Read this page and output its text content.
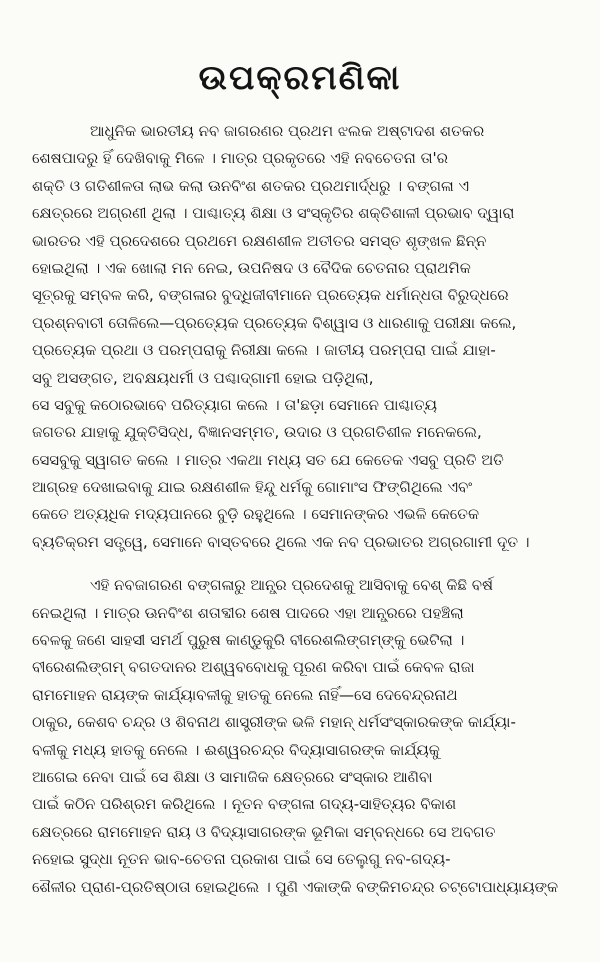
ଉପକ୍ରମଣିକା
ଆଧୁନିକ ଭାରତୀୟ ନବ ଜାଗରଣର ପ୍ରଥମ ଝଲକ ଅଷ୍ଟାଦଶ ଶତକର
ଶେଷପାଦରୁ ହିଁ ଦେଖିବାକୁ ମିଳେ । ମାତ୍ର ପ୍ରକୃତରେ ଏହି ନବଚେତନା ତା'ର
ଶକ୍ତି ଓ ଗତିଶୀଳତା ଲାଭ କଲା ଊନବିଂଶ ଶତକର ପ୍ରଥମାର୍ଦ୍ଧରୁ । ବଙ୍ଗଳା ଏ
କ୍ଷେତ୍ରରେ ଅଗ୍ରଣୀ ଥିଲା । ପାଶ୍ଚାତ୍ୟ ଶିକ୍ଷା ଓ ସଂସ୍କୃତିର ଶକ୍ତିଶାଳୀ ପ୍ରଭାବ ଦ୍ୱାରା
ଭାରତର ଏହି ପ୍ରଦେଶରେ ପ୍ରଥମେ ରକ୍ଷଣଶୀଳ ଅତୀତର ସମସ୍ତ ଶୃଙ୍ଖଳ ଛିନ୍ନ
ହୋଇଥିଲା । ଏକ ଖୋଲା ମନ ନେଇ, ଉପନିଷଦ ଓ ବୈଦିକ ଚେତନାର ପ୍ରାଥମିକ
ସୂତ୍ରକୁ ସମ୍ବଳ କରି, ବଙ୍ଗଳାର ବୁଦ୍ଧିଜୀବୀମାନେ ପ୍ରତ୍ୟେକ ଧର୍ମାନ୍ଧତା ବିରୁଦ୍ଧରେ
ପ୍ରଶ୍ନବାଚୀ ତୋଳିଲେ—ପ୍ରତ୍ୟେକ ପ୍ରତ୍ୟେକ ବିଶ୍ୱାସ ଓ ଧାରଣାକୁ ପରୀକ୍ଷା କଲେ,
ପ୍ରତ୍ୟେକ ପ୍ରଥା ଓ ପରମ୍ପରାକୁ ନିରୀକ୍ଷା କଲେ । ଜାତୀୟ ପରମ୍ପରା ପାଇଁ ଯାହା-
ସବୁ ଅସଙ୍ଗତ, ଅବକ୍ଷୟଧର୍ମୀ ଓ ପଶ୍ଚାଦ୍‌ଗାମୀ ହୋଇ ପଡ଼ିଥିଲା,
ସେ ସବୁକୁ କଠୋରଭାବେ ପରିତ୍ୟାଗ କଲେ । ତା'ଛଡ଼ା ସେମାନେ ପାଶ୍ଚାତ୍ୟ
ଜଗତର ଯାହାକୁ ଯୁକ୍ତିସିଦ୍ଧ, ବିଜ୍ଞାନସମ୍ମତ, ଉଦାର ଓ ପ୍ରଗତିଶୀଳ ମନେକଲେ,
ସେସବୁକୁ ସ୍ୱାଗତ କଲେ । ମାତ୍ର ଏକଥା ମଧ୍ୟ ସତ ଯେ କେତେକ ଏସବୁ ପ୍ରତି ଅତି
ଆଗ୍ରହ ଦେଖାଇବାକୁ ଯାଇ ରକ୍ଷଣଶୀଳ ହିନ୍ଦୁ ଧର୍ମକୁ ଗୋମାଂସ ଫିଙ୍ଗିଥିଲେ ଏବଂ
କେତେ ଅତ୍ୟଧିକ ମଦ୍ୟପାନରେ ବୁଡ଼ି ରହୁଥିଲେ । ସେମାନଙ୍କର ଏଭଳି କେତେକ
ବ୍ୟତିକ୍ରମ ସତ୍ତ୍ୱେ, ସେମାନେ ବାସ୍ତବରେ ଥିଲେ ଏକ ନବ ପ୍ରଭାତର ଅଗ୍ରଗାମୀ ଦୂତ ।
ଏହି ନବଜାଗରଣ ବଙ୍ଗଳାରୁ ଆନ୍ଧ୍ର ପ୍ରଦେଶକୁ ଆସିବାକୁ ବେଶ୍ କିଛି ବର୍ଷ
ନେଇଥିଲା । ମାତ୍ର ଊନବିଂଶ ଶତାବ୍ଦୀର ଶେଷ ପାଦରେ ଏହା ଆନ୍ଧ୍ରରେ ପହଞ୍ଚିଲା
ବେଳକୁ ଜଣେ ସାହସୀ ସମର୍ଥ ପୁରୁଷ କାଣ୍ଡୁକୁରି ବୀରେଶଲିଙ୍ଗମ୍‌ଙ୍କୁ ଭେଟିଲା ।
ବୀରେଶଲିଙ୍ଗମ୍ ବଗତଦାନର ଅଶ୍ୱବବୋଧକୁ ପୂରଣ କରିବା ପାଇଁ କେବଳ ରାଜା
ରାମମୋହନ ରାୟଙ୍କ କାର୍ଯ୍ୟାବଳୀକୁ ହାତକୁ ନେଲେ ନାହିଁ—ସେ ଦେବେନ୍ଦ୍ରନାଥ
ଠାକୁର, କେଶବ ଚନ୍ଦ୍ର ଓ ଶିବନାଥ ଶାସ୍ତ୍ରୀଙ୍କ ଭଳି ମହାନ୍ ଧର୍ମସଂସ୍କାରକଙ୍କ କାର୍ଯ୍ୟା-
ବଳୀକୁ ମଧ୍ୟ ହାତକୁ ନେଲେ । ଈଶ୍ୱରଚନ୍ଦ୍ର ବିଦ୍ୟାସାଗରଙ୍କ କାର୍ଯ୍ୟକୁ
ଆଗେଇ ନେବା ପାଇଁ ସେ ଶିକ୍ଷା ଓ ସାମାଜିକ କ୍ଷେତ୍ରରେ ସଂସ୍କାର ଆଣିବା
ପାଇଁ କଠିନ ପରିଶ୍ରମ କରିଥିଲେ । ନୂତନ ବଙ୍ଗଳା ଗଦ୍ୟ-ସାହିତ୍ୟର ବିକାଶ
କ୍ଷେତ୍ରରେ ରାମମୋହନ ରାୟ ଓ ବିଦ୍ୟାସାଗରଙ୍କ ଭୂମିକା ସମ୍ବନ୍ଧରେ ସେ ଅବଗତ
ନହୋଇ ସୁଦ୍ଧା ନୂତନ ଭାବ-ଚେତନା ପ୍ରକାଶ ପାଇଁ ସେ ତେଲୁଗୁ ନବ-ଗଦ୍ୟ-
ଶୈଳୀର ପ୍ରାଣ-ପ୍ରତିଷ୍ଠାତା ହୋଇଥିଲେ । ପୁଣି ଏକାଙ୍କି ବଙ୍କିମଚନ୍ଦ୍ର ଚଟ୍ଟୋପାଧ୍ୟାୟଙ୍କ
